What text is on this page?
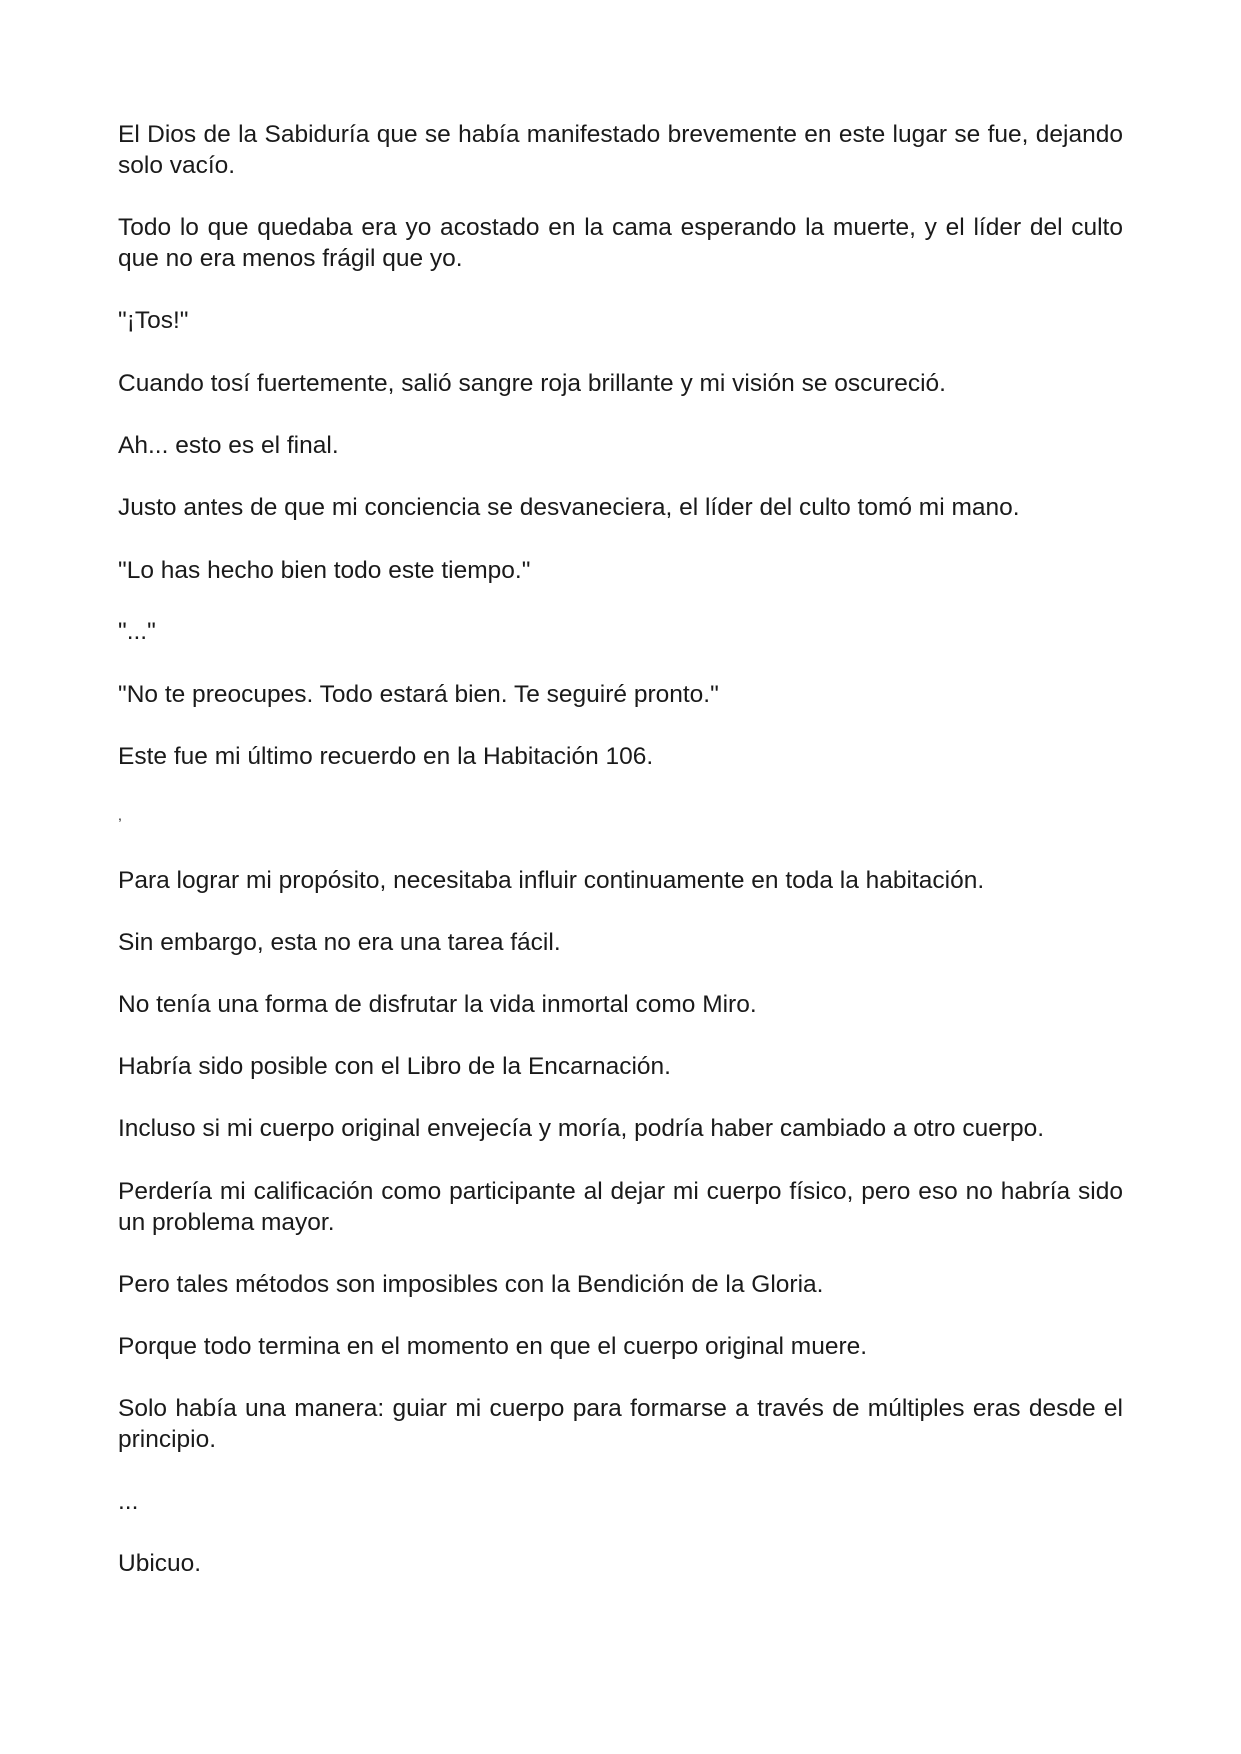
El Dios de la Sabiduría que se había manifestado brevemente en este lugar se fue, dejando solo vacío.

Todo lo que quedaba era yo acostado en la cama esperando la muerte, y el líder del culto que no era menos frágil que yo.

"¡Tos!"

Cuando tosí fuertemente, salió sangre roja brillante y mi visión se oscureció.

Ah... esto es el final.

Justo antes de que mi conciencia se desvaneciera, el líder del culto tomó mi mano.

"Lo has hecho bien todo este tiempo."

"..."

"No te preocupes. Todo estará bien. Te seguiré pronto."

Este fue mi último recuerdo en la Habitación 106.

,

Para lograr mi propósito, necesitaba influir continuamente en toda la habitación.

Sin embargo, esta no era una tarea fácil.

No tenía una forma de disfrutar la vida inmortal como Miro.

Habría sido posible con el Libro de la Encarnación.

Incluso si mi cuerpo original envejecía y moría, podría haber cambiado a otro cuerpo.

Perdería mi calificación como participante al dejar mi cuerpo físico, pero eso no habría sido un problema mayor.

Pero tales métodos son imposibles con la Bendición de la Gloria.

Porque todo termina en el momento en que el cuerpo original muere.

Solo había una manera: guiar mi cuerpo para formarse a través de múltiples eras desde el principio.

...

Ubicuo.
